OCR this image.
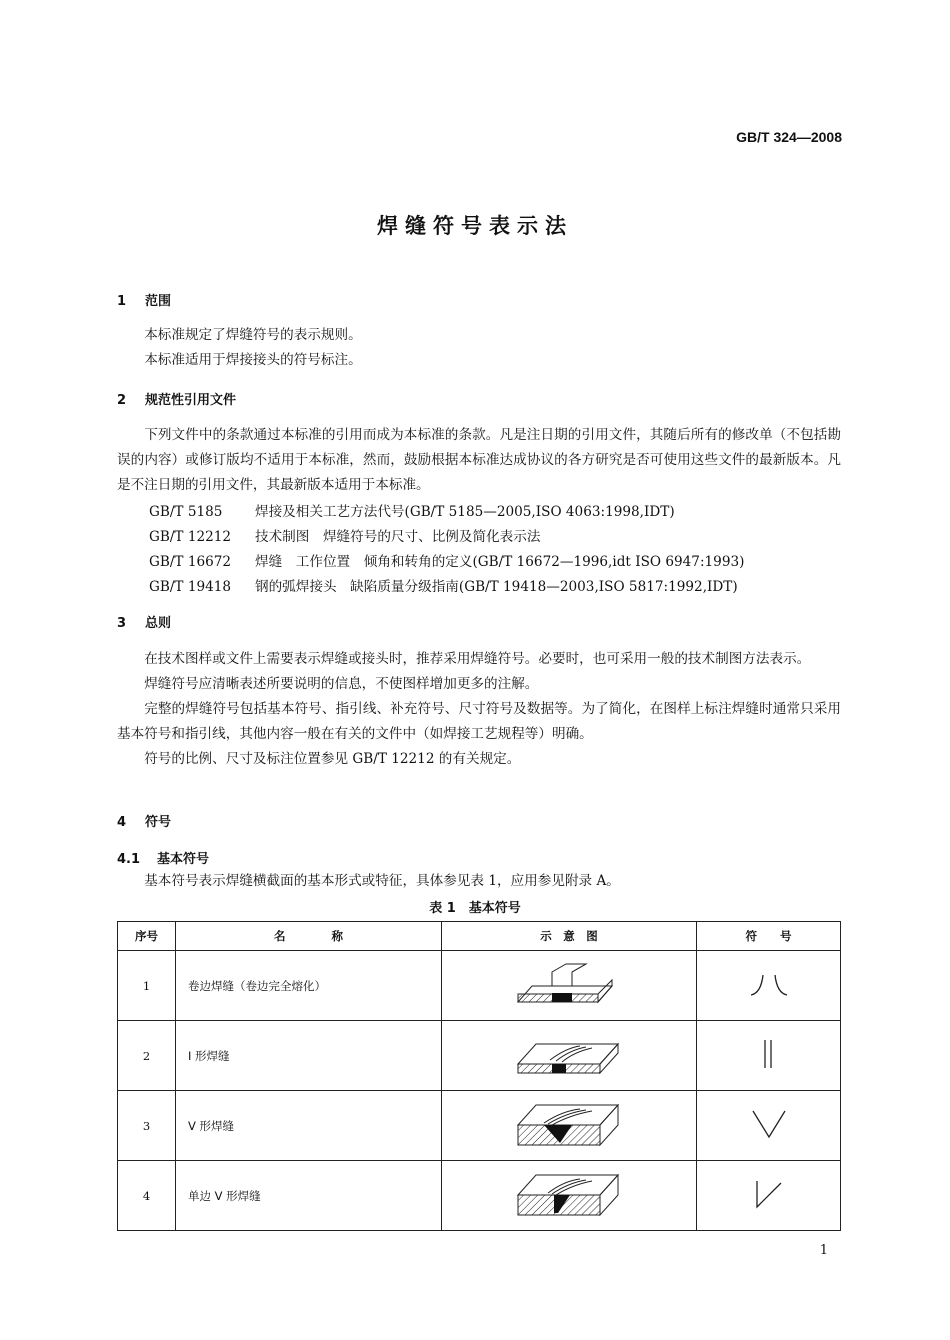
GB/T 324—2008
焊缝符号表示法
1 范围

本标准规定了焊缝符号的表示规则。

本标准适用于焊接接头的符号标注。

2 规范性引用文件

下列文件中的条款通过本标准的引用而成为本标准的条款。凡是注日期的引用文件，其随后所有的修改单（不包括勘误的内容）或修订版均不适用于本标准，然而，鼓励根据本标准达成协议的各方研究是否可使用这些文件的最新版本。凡是不注日期的引用文件，其最新版本适用于本标准。

GB/T 5185 焊接及相关工艺方法代号(GB/T 5185—2005,ISO 4063:1998,IDT)
GB/T 12212 技术制图　焊缝符号的尺寸、比例及简化表示法
GB/T 16672 焊缝　工作位置　倾角和转角的定义(GB/T 16672—1996,idt ISO 6947:1993)
GB/T 19418 钢的弧焊接头　缺陷质量分级指南(GB/T 19418—2003,ISO 5817:1992,IDT)
3 总则

在技术图样或文件上需要表示焊缝或接头时，推荐采用焊缝符号。必要时，也可采用一般的技术制图方法表示。

焊缝符号应清晰表述所要说明的信息，不使图样增加更多的注解。

完整的焊缝符号包括基本符号、指引线、补充符号、尺寸符号及数据等。为了简化，在图样上标注焊缝时通常只采用基本符号和指引线，其他内容一般在有关的文件中（如焊接工艺规程等）明确。

符号的比例、尺寸及标注位置参见 GB/T 12212 的有关规定。

4 符号
4.1 基本符号

基本符号表示焊缝横截面的基本形式或特征，具体参见表 1，应用参见附录 A。

表 1　基本符号
序号	名　　　　称	示　意　图	符　　号
1	卷边焊缝（卷边完全熔化）		
2	I 形焊缝		
3	V 形焊缝		
4	单边 V 形焊缝		
1
